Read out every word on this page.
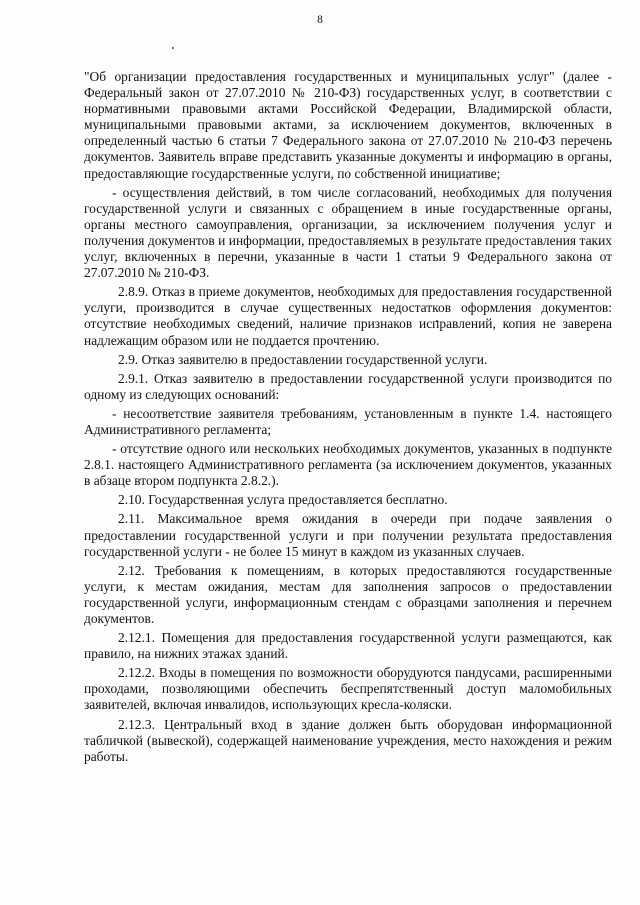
8

"Об организации предоставления государственных и муниципальных услуг" (далее - Федеральный закон от 27.07.2010 № 210-ФЗ) государственных услуг, в соответствии с нормативными правовыми актами Российской Федерации, Владимирской области, муниципальными правовыми актами, за исключением документов, включенных в определенный частью 6 статьи 7 Федерального закона от 27.07.2010 № 210-ФЗ перечень документов. Заявитель вправе представить указанные документы и информацию в органы, предоставляющие государственные услуги, по собственной инициативе;

- осуществления действий, в том числе согласований, необходимых для получения государственной услуги и связанных с обращением в иные государственные органы, органы местного самоуправления, организации, за исключением получения услуг и получения документов и информации, предоставляемых в результате предоставления таких услуг, включенных в перечни, указанные в части 1 статьи 9 Федерального закона от 27.07.2010 № 210-ФЗ.

2.8.9. Отказ в приеме документов, необходимых для предоставления государственной услуги, производится в случае существенных недостатков оформления документов: отсутствие необходимых сведений, наличие признаков исправлений, копия не заверена надлежащим образом или не поддается прочтению.

2.9. Отказ заявителю в предоставлении государственной услуги.

2.9.1. Отказ заявителю в предоставлении государственной услуги производится по одному из следующих оснований:

- несоответствие заявителя требованиям, установленным в пункте 1.4. настоящего Административного регламента;

- отсутствие одного или нескольких необходимых документов, указанных в подпункте 2.8.1. настоящего Административного регламента (за исключением документов, указанных в абзаце втором подпункта 2.8.2.).

2.10. Государственная услуга предоставляется бесплатно.

2.11. Максимальное время ожидания в очереди при подаче заявления о предоставлении государственной услуги и при получении результата предоставления государственной услуги - не более 15 минут в каждом из указанных случаев.

2.12. Требования к помещениям, в которых предоставляются государственные услуги, к местам ожидания, местам для заполнения запросов о предоставлении государственной услуги, информационным стендам с образцами заполнения и перечнем документов.

2.12.1. Помещения для предоставления государственной услуги размещаются, как правило, на нижних этажах зданий.

2.12.2. Входы в помещения по возможности оборудуются пандусами, расширенными проходами, позволяющими обеспечить беспрепятственный доступ маломобильных заявителей, включая инвалидов, использующих кресла-коляски.

2.12.3. Центральный вход в здание должен быть оборудован информационной табличкой (вывеской), содержащей наименование учреждения, место нахождения и режим работы.
